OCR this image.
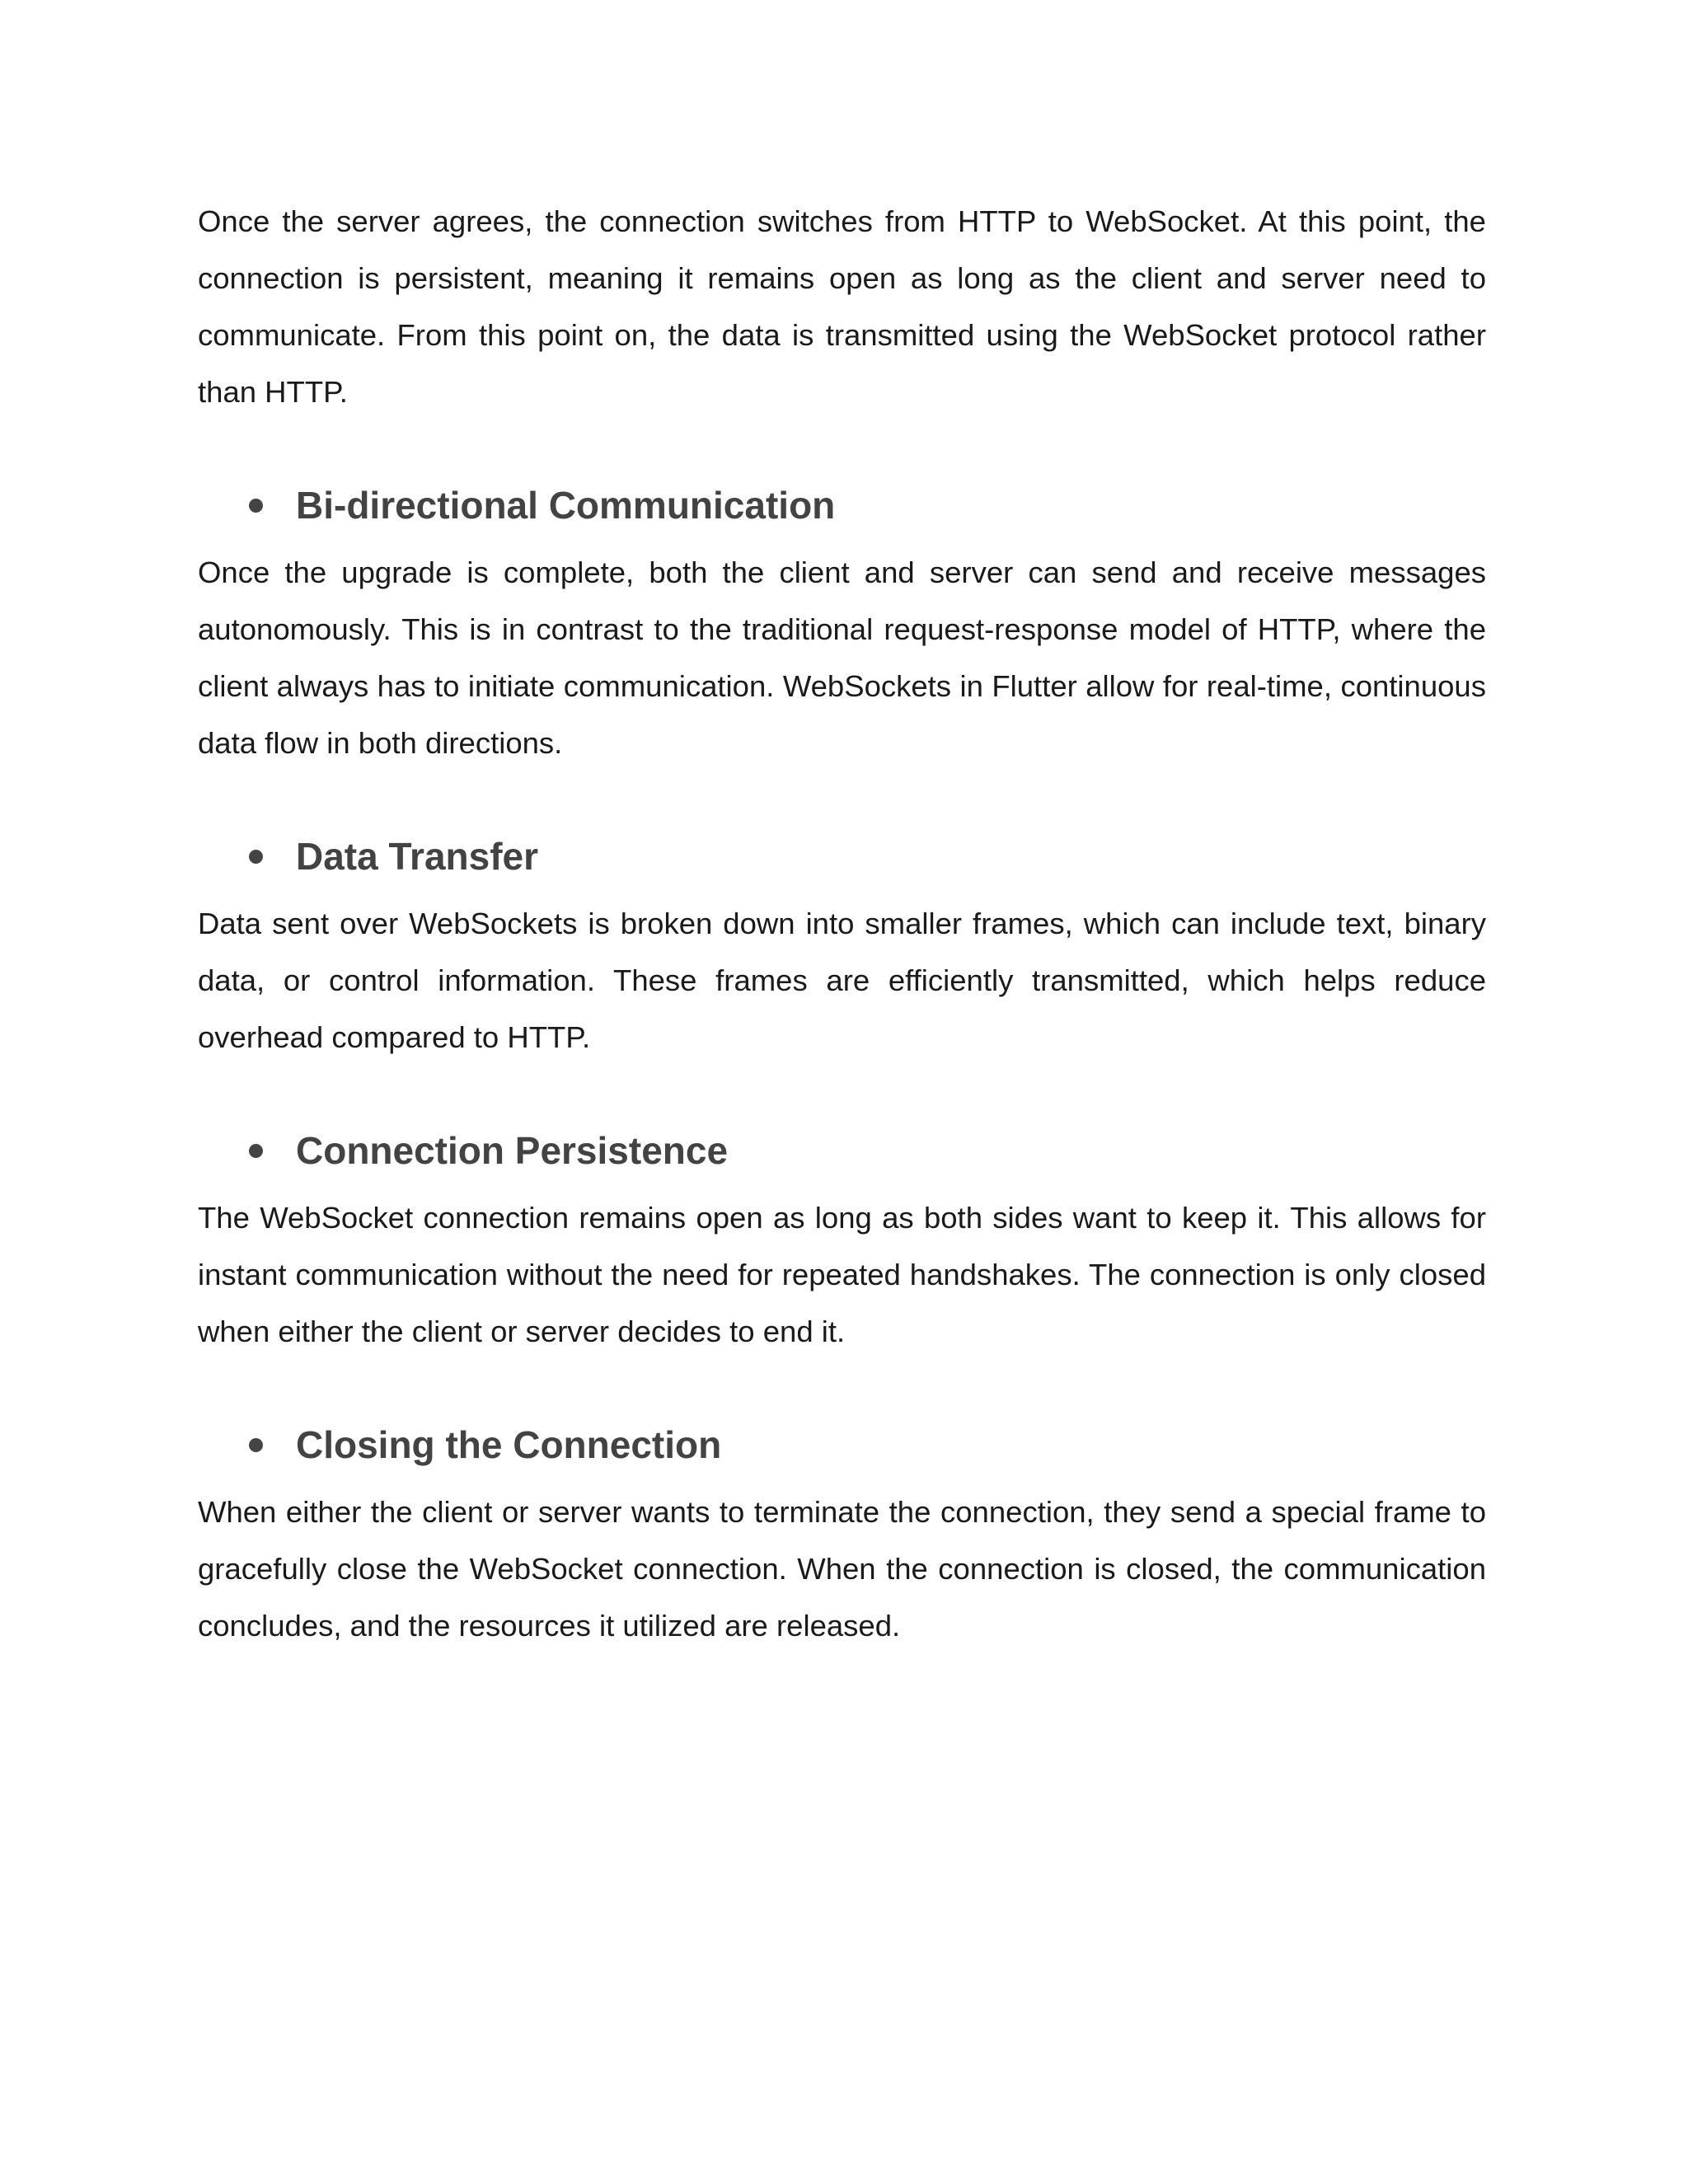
Once the server agrees, the connection switches from HTTP to WebSocket. At this point, the connection is persistent, meaning it remains open as long as the client and server need to communicate. From this point on, the data is transmitted using the WebSocket protocol rather than HTTP.

Bi-directional Communication

Once the upgrade is complete, both the client and server can send and receive messages autonomously. This is in contrast to the traditional request-response model of HTTP, where the client always has to initiate communication. WebSockets in Flutter allow for real-time, continuous data flow in both directions.

Data Transfer

Data sent over WebSockets is broken down into smaller frames, which can include text, binary data, or control information. These frames are efficiently transmitted, which helps reduce overhead compared to HTTP.

Connection Persistence

The WebSocket connection remains open as long as both sides want to keep it. This allows for instant communication without the need for repeated handshakes. The connection is only closed when either the client or server decides to end it.

Closing the Connection

When either the client or server wants to terminate the connection, they send a special frame to gracefully close the WebSocket connection. When the connection is closed, the communication concludes, and the resources it utilized are released.
